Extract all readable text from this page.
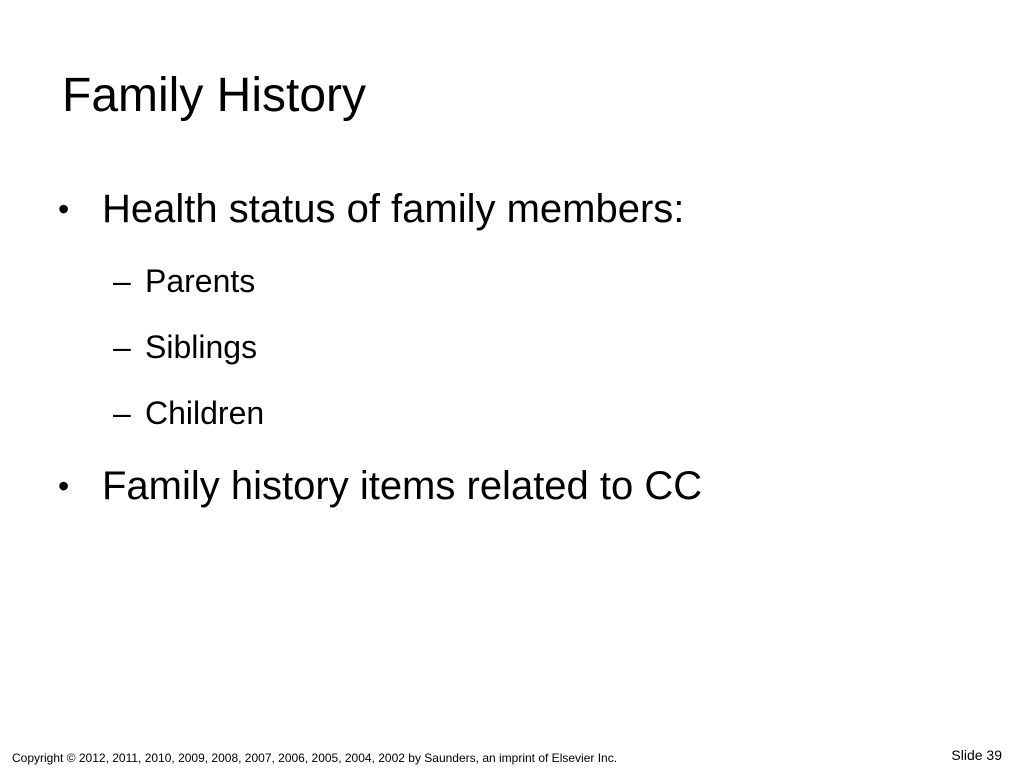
Family History
• Health status of family members:
– Parents
– Siblings
– Children
• Family history items related to CC
Copyright © 2012, 2011, 2010, 2009, 2008, 2007, 2006, 2005, 2004, 2002 by Saunders, an imprint of Elsevier Inc.	Slide 39
